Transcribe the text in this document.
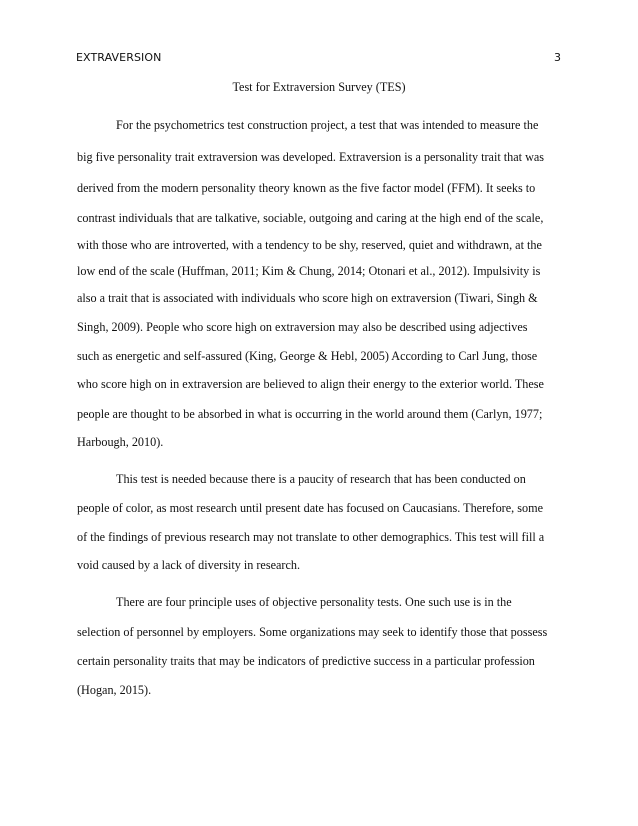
EXTRAVERSION	3
Test for Extraversion Survey (TES)
For the psychometrics test construction project, a test that was intended to measure the
big five personality trait extraversion was developed. Extraversion is a personality trait that was
derived from the modern personality theory known as the five factor model (FFM). It seeks to
contrast individuals that are talkative, sociable, outgoing and caring at the high end of the scale,
with those who are introverted, with a tendency to be shy, reserved, quiet and withdrawn, at the
low end of the scale (Huffman, 2011; Kim & Chung, 2014; Otonari et al., 2012). Impulsivity is
also a trait that is associated with individuals who score high on extraversion (Tiwari, Singh &
Singh, 2009). People who score high on extraversion may also be described using adjectives
such as energetic and self-assured (King, George & Hebl, 2005) According to Carl Jung, those
who score high on in extraversion are believed to align their energy to the exterior world. These
people are thought to be absorbed in what is occurring in the world around them (Carlyn, 1977;
Harbough, 2010).
This test is needed because there is a paucity of research that has been conducted on
people of color, as most research until present date has focused on Caucasians. Therefore, some
of the findings of previous research may not translate to other demographics. This test will fill a
void caused by a lack of diversity in research.
There are four principle uses of objective personality tests. One such use is in the
selection of personnel by employers. Some organizations may seek to identify those that possess
certain personality traits that may be indicators of predictive success in a particular profession
(Hogan, 2015).
